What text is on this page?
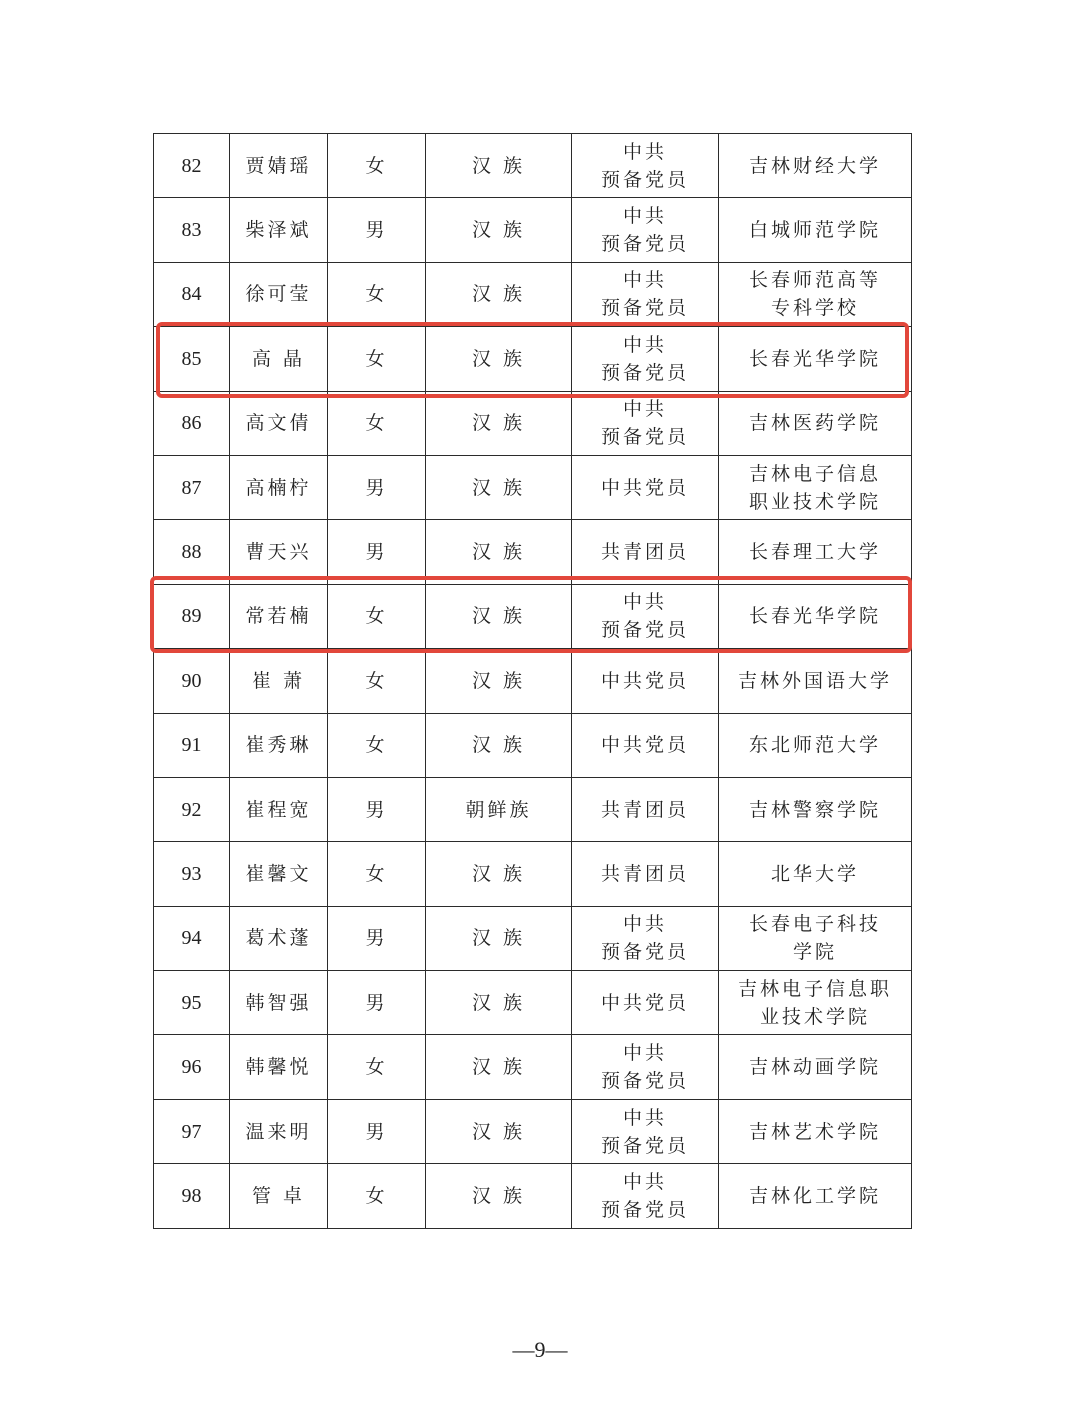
82	贾婧瑶	女	汉 族	中共
预备党员	吉林财经大学

83	柴泽斌	男	汉 族	中共
预备党员	白城师范学院

84	徐可莹	女	汉 族	中共
预备党员	长春师范高等
专科学校

85	高 晶	女	汉 族	中共
预备党员	长春光华学院

86	高文倩	女	汉 族	中共
预备党员	吉林医药学院

87	高楠柠	男	汉 族	中共党员	吉林电子信息
职业技术学院

88	曹天兴	男	汉 族	共青团员	长春理工大学

89	常若楠	女	汉 族	中共
预备党员	长春光华学院

90	崔 萧	女	汉 族	中共党员	吉林外国语大学

91	崔秀琳	女	汉 族	中共党员	东北师范大学

92	崔程宽	男	朝鲜族	共青团员	吉林警察学院

93	崔馨文	女	汉 族	共青团员	北华大学

94	葛术蓬	男	汉 族	中共
预备党员	长春电子科技
学院

95	韩智强	男	汉 族	中共党员	吉林电子信息职
业技术学院

96	韩馨悦	女	汉 族	中共
预备党员	吉林动画学院

97	温来明	男	汉 族	中共
预备党员	吉林艺术学院

98	管 卓	女	汉 族	中共
预备党员	吉林化工学院
—9—
